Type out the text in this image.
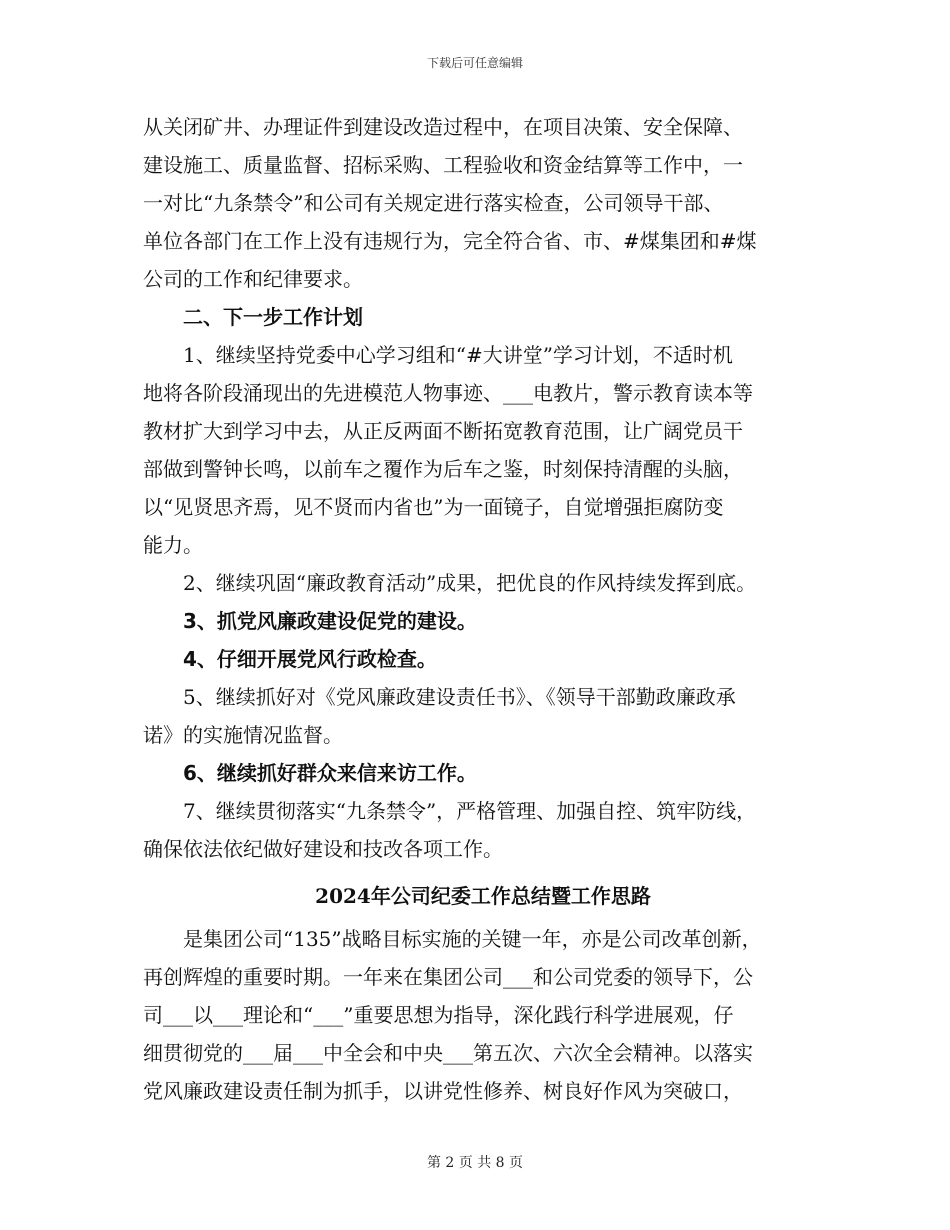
下载后可任意编辑
从关闭矿井、办理证件到建设改造过程中，在项目决策、安全保障、
建设施工、质量监督、招标采购、工程验收和资金结算等工作中，一
一对比“九条禁令”和公司有关规定进行落实检查，公司领导干部、
单位各部门在工作上没有违规行为，完全符合省、市、#煤集团和#煤
公司的工作和纪律要求。
二、下一步工作计划
1、继续坚持党委中心学习组和“#大讲堂”学习计划，不适时机
地将各阶段涌现出的先进模范人物事迹、___电教片，警示教育读本等
教材扩大到学习中去，从正反两面不断拓宽教育范围，让广阔党员干
部做到警钟长鸣，以前车之覆作为后车之鉴，时刻保持清醒的头脑，
以“见贤思齐焉，见不贤而内省也”为一面镜子，自觉增强拒腐防变
能力。
2、继续巩固“廉政教育活动”成果，把优良的作风持续发挥到底。
3、抓党风廉政建设促党的建设。
4、仔细开展党风行政检查。
5、继续抓好对《党风廉政建设责任书》、《领导干部勤政廉政承
诺》的实施情况监督。
6、继续抓好群众来信来访工作。
7、继续贯彻落实“九条禁令”，严格管理、加强自控、筑牢防线，
确保依法依纪做好建设和技改各项工作。
2024年公司纪委工作总结暨工作思路
是集团公司“135”战略目标实施的关键一年，亦是公司改革创新，
再创辉煌的重要时期。一年来在集团公司___和公司党委的领导下，公
司___以___理论和“___”重要思想为指导，深化践行科学进展观，仔
细贯彻党的___届___中全会和中央___第五次、六次全会精神。以落实
党风廉政建设责任制为抓手，以讲党性修养、树良好作风为突破口，
第 2 页 共 8 页
